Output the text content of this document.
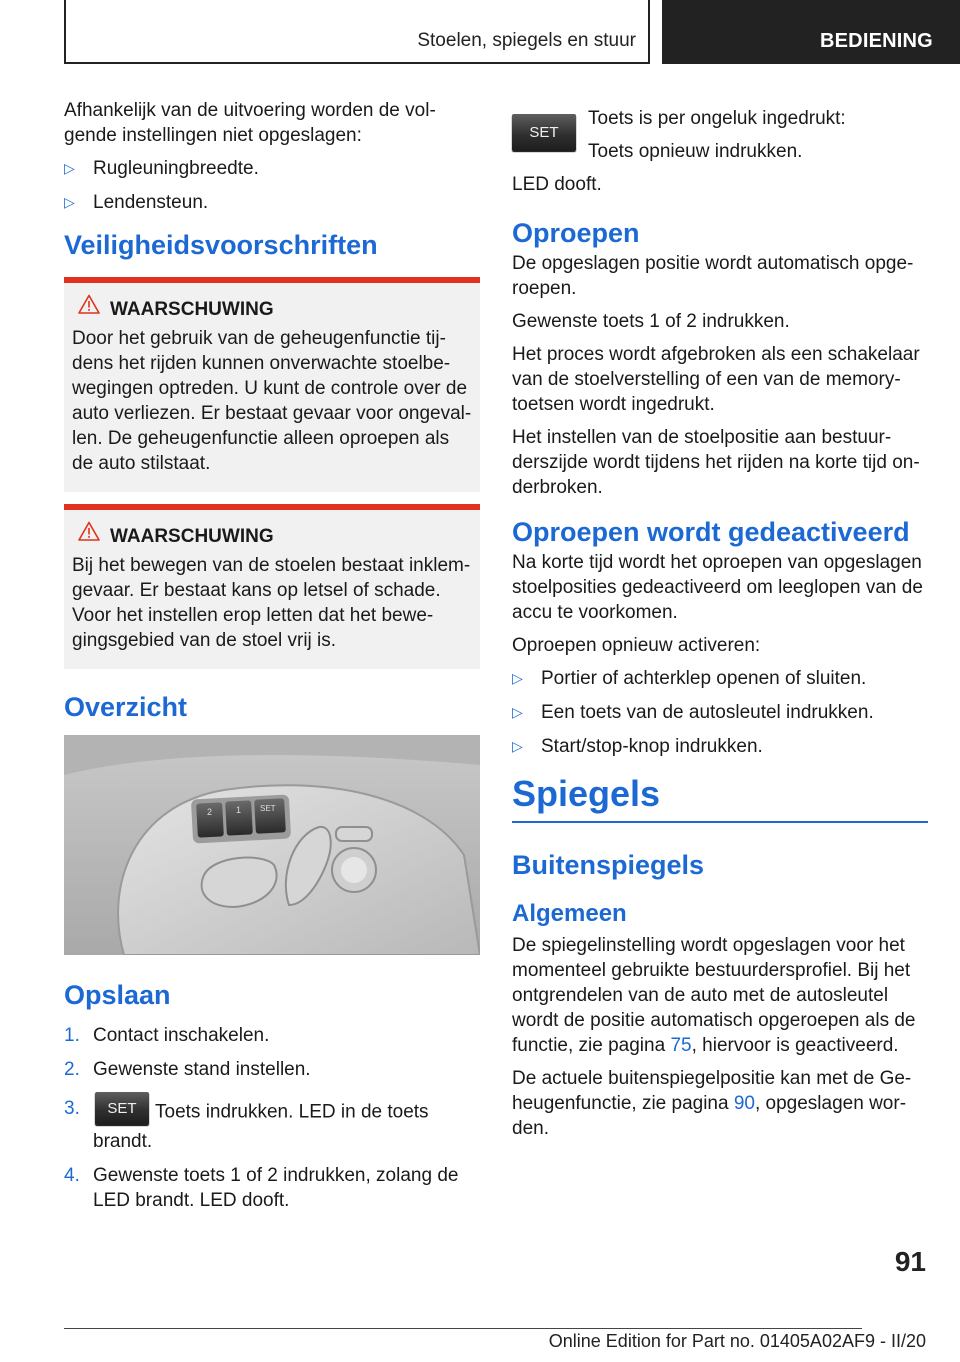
Stoelen, spiegels en stuur	BEDIENING

Afhankelijk van de uitvoering worden de vol-gende instellingen niet opgeslagen:

▷ Rugleuningbreedte.
▷ Lendensteun.
Veiligheidsvoorschriften
WAARSCHUWING

Door het gebruik van de geheugenfunctie tij-dens het rijden kunnen onverwachte stoelbe-wegingen optreden. U kunt de controle over de auto verliezen. Er bestaat gevaar voor ongeval-len. De geheugenfunctie alleen oproepen als de auto stilstaat.

WAARSCHUWING

Bij het bewegen van de stoelen bestaat inklem-gevaar. Er bestaat kans op letsel of schade. Voor het instellen erop letten dat het bewe-gingsgebied van de stoel vrij is.

Overzicht
2	1 SET
Opslaan
1. Contact inschakelen.
2. Gewenste stand instellen.
3. SET Toets indrukken. LED in de toets brandt.
4. Gewenste toets 1 of 2 indrukken, zolang de LED brandt. LED dooft.
SET

Toets is per ongeluk ingedrukt:

Toets opnieuw indrukken.

LED dooft.

Oproepen

De opgeslagen positie wordt automatisch opge-roepen.

Gewenste toets 1 of 2 indrukken.

Het proces wordt afgebroken als een schakelaar van de stoelverstelling of een van de memory-toetsen wordt ingedrukt.

Het instellen van de stoelpositie aan bestuur-derszijde wordt tijdens het rijden na korte tijd on-derbroken.

Oproepen wordt gedeactiveerd

Na korte tijd wordt het oproepen van opgeslagen stoelposities gedeactiveerd om leeglopen van de accu te voorkomen.

Oproepen opnieuw activeren:

▷ Portier of achterklep openen of sluiten.
▷ Een toets van de autosleutel indrukken.
▷ Start/stop-knop indrukken.
Spiegels
Buitenspiegels
Algemeen

De spiegelinstelling wordt opgeslagen voor het momenteel gebruikte bestuurdersprofiel. Bij het ontgrendelen van de auto met de autosleutel wordt de positie automatisch opgeroepen als de functie, zie pagina 75, hiervoor is geactiveerd.

De actuele buitenspiegelpositie kan met de Ge-heugenfunctie, zie pagina 90, opgeslagen wor-den.

91
Online Edition for Part no. 01405A02AF9 - II/20
